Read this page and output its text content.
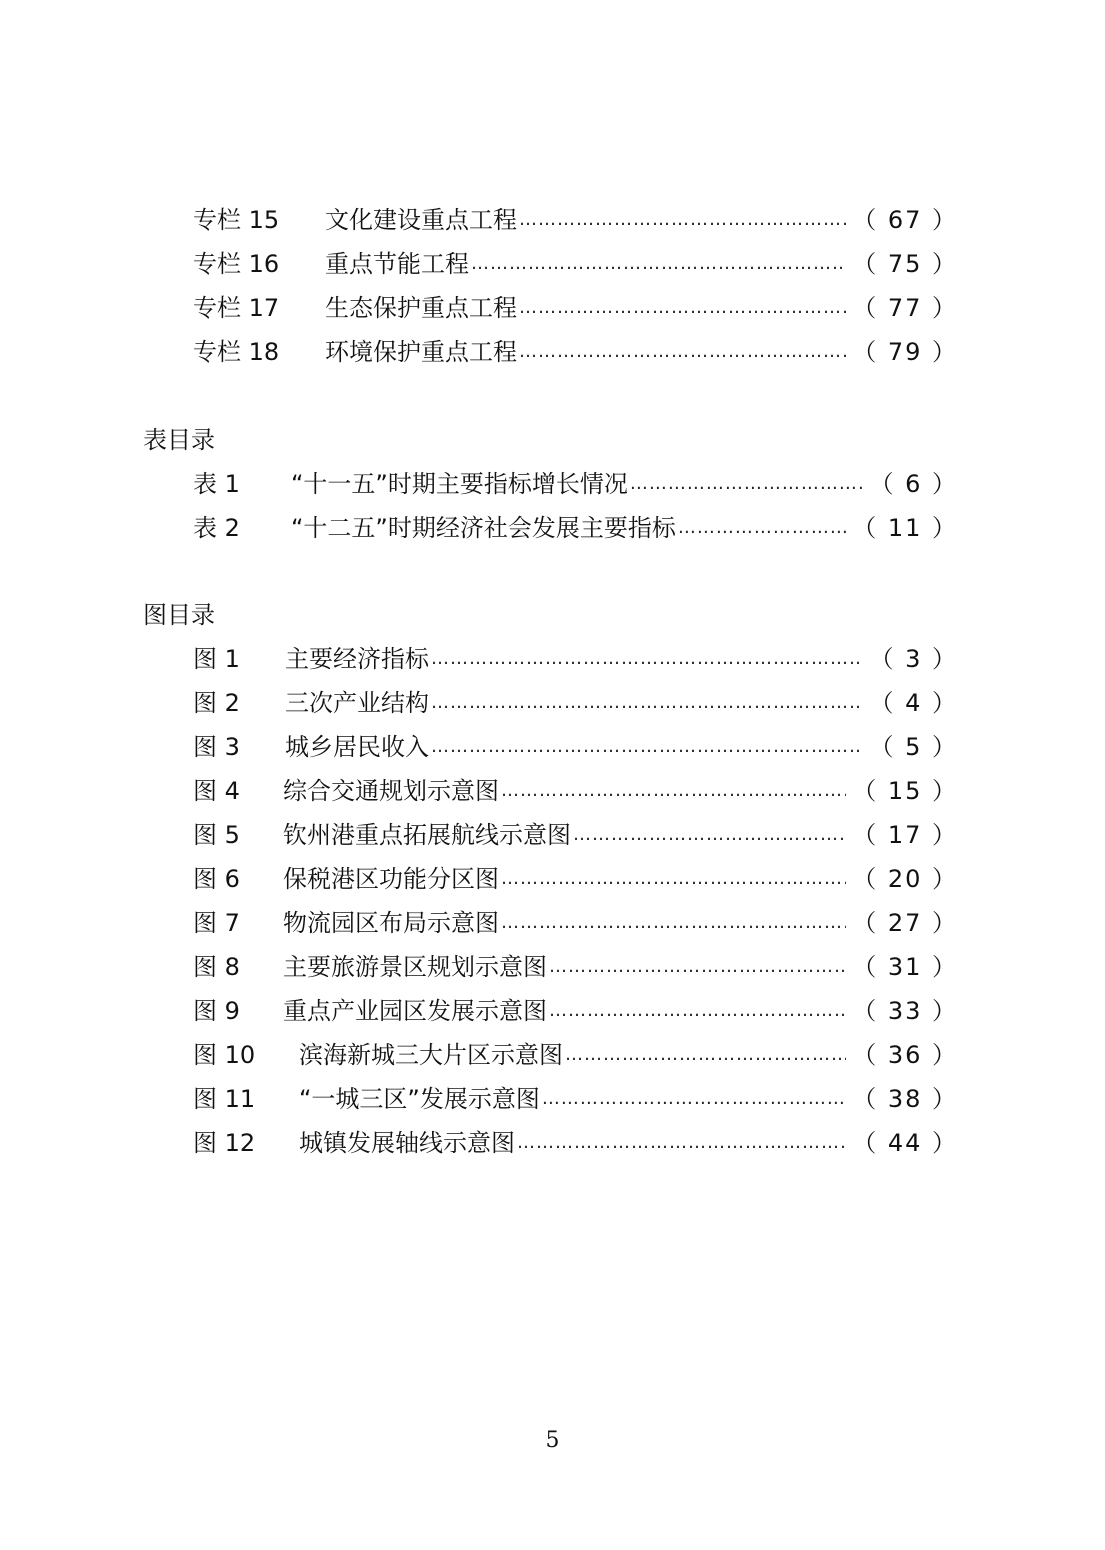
专栏 15	文化建设重点工程 ……………………………………………………………………………………………………………………………………	（ 67 ）
专栏 16	重点节能工程 ……………………………………………………………………………………………………………………………………	（ 75 ）
专栏 17	生态保护重点工程 ……………………………………………………………………………………………………………………………………	（ 77 ）
专栏 18	环境保护重点工程 ……………………………………………………………………………………………………………………………………	（ 79 ）
表目录
表 1	“十一五”时期主要指标增长情况 ……………………………………………………………………………………………………………………………………	（ 6 ）
表 2	“十二五”时期经济社会发展主要指标 ……………………………………………………………………………………………………………………………………	（ 11 ）
图目录
图 1	主要经济指标 ……………………………………………………………………………………………………………………………………	（ 3 ）
图 2	三次产业结构 ……………………………………………………………………………………………………………………………………	（ 4 ）
图 3	城乡居民收入 ……………………………………………………………………………………………………………………………………	（ 5 ）
图 4	综合交通规划示意图 ……………………………………………………………………………………………………………………………………	（ 15 ）
图 5	钦州港重点拓展航线示意图 ……………………………………………………………………………………………………………………………………	（ 17 ）
图 6	保税港区功能分区图 ……………………………………………………………………………………………………………………………………	（ 20 ）
图 7	物流园区布局示意图 ……………………………………………………………………………………………………………………………………	（ 27 ）
图 8	主要旅游景区规划示意图 ……………………………………………………………………………………………………………………………………	（ 31 ）
图 9	重点产业园区发展示意图 ……………………………………………………………………………………………………………………………………	（ 33 ）
图 10	滨海新城三大片区示意图 ……………………………………………………………………………………………………………………………………	（ 36 ）
图 11	“一城三区”发展示意图 ……………………………………………………………………………………………………………………………………	（ 38 ）
图 12	城镇发展轴线示意图 ……………………………………………………………………………………………………………………………………	（ 44 ）
5
